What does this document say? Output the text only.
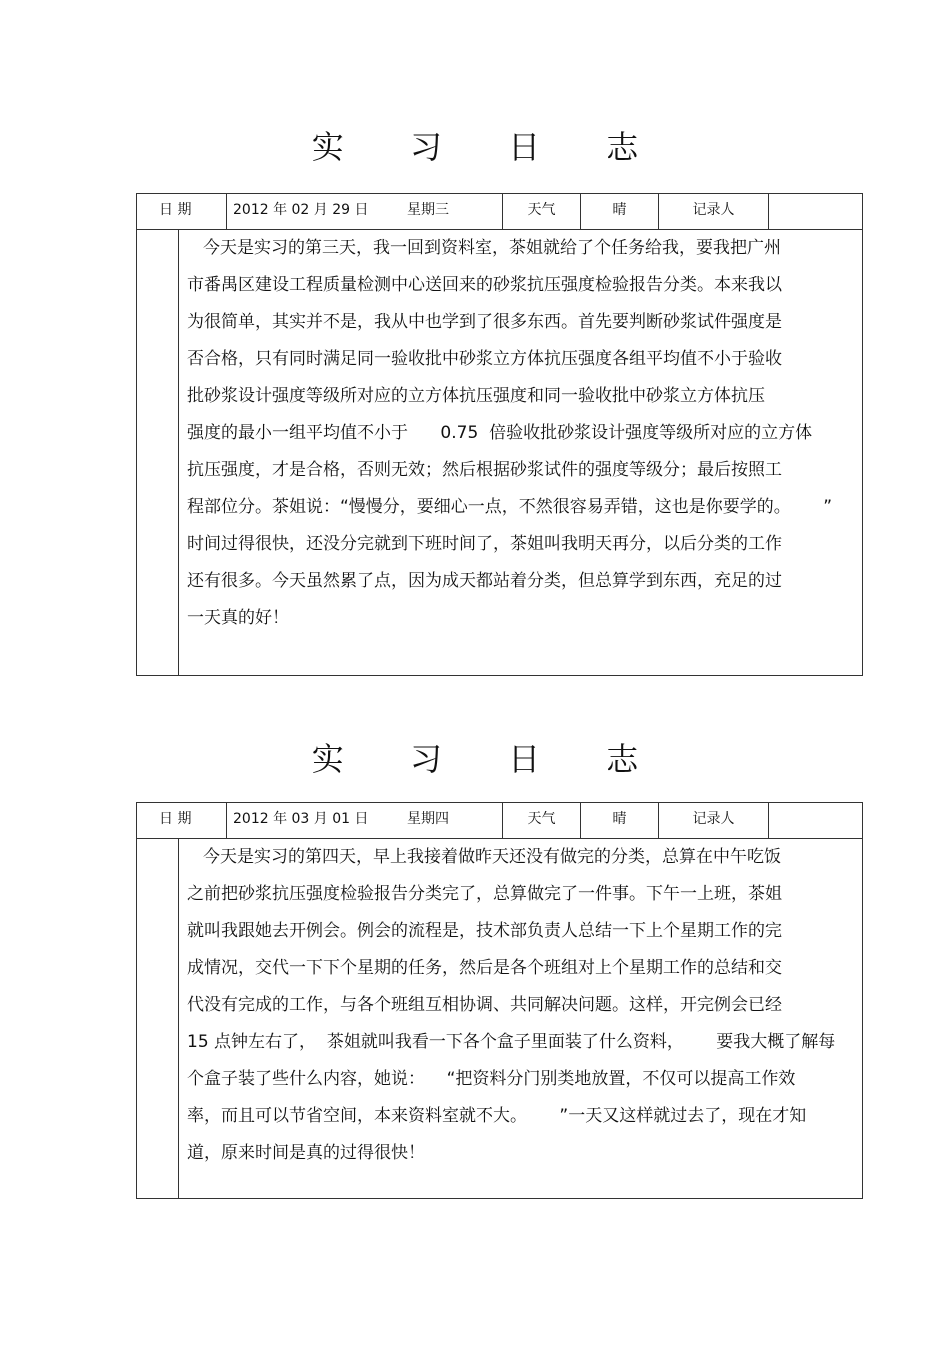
实 习 日 志
日 期	2012 年 02 月 29 日	星期三	天气	晴	记录人
今天是实习的第三天，我一回到资料室，茶姐就给了个任务给我，要我把广州
市番禺区建设工程质量检测中心送回来的砂浆抗压强度检验报告分类。本来我以
为很简单，其实并不是，我从中也学到了很多东西。首先要判断砂浆试件强度是
否合格，只有同时满足同一验收批中砂浆立方体抗压强度各组平均值不小于验收
批砂浆设计强度等级所对应的立方体抗压强度和同一验收批中砂浆立方体抗压
强度的最小一组平均值不小于      0.75  倍验收批砂浆设计强度等级所对应的立方体
抗压强度，才是合格，否则无效；然后根据砂浆试件的强度等级分；最后按照工
程部位分。茶姐说：“慢慢分，要细心一点，不然很容易弄错，这也是你要学的。      ”
时间过得很快，还没分完就到下班时间了，茶姐叫我明天再分，以后分类的工作
还有很多。今天虽然累了点，因为成天都站着分类，但总算学到东西，充足的过
一天真的好！
实 习 日 志
日 期	2012 年 03 月 01 日	星期四	天气	晴	记录人
今天是实习的第四天，早上我接着做昨天还没有做完的分类，总算在中午吃饭
之前把砂浆抗压强度检验报告分类完了，总算做完了一件事。下午一上班，茶姐
就叫我跟她去开例会。例会的流程是，技术部负责人总结一下上个星期工作的完
成情况，交代一下下个星期的任务，然后是各个班组对上个星期工作的总结和交
代没有完成的工作，与各个班组互相协调、共同解决问题。这样，开完例会已经
15 点钟左右了，  茶姐就叫我看一下各个盒子里面装了什么资料，      要我大概了解每
个盒子装了些什么内容，她说：    “把资料分门别类地放置，不仅可以提高工作效
率，而且可以节省空间，本来资料室就不大。      ”一天又这样就过去了，现在才知
道，原来时间是真的过得很快！
